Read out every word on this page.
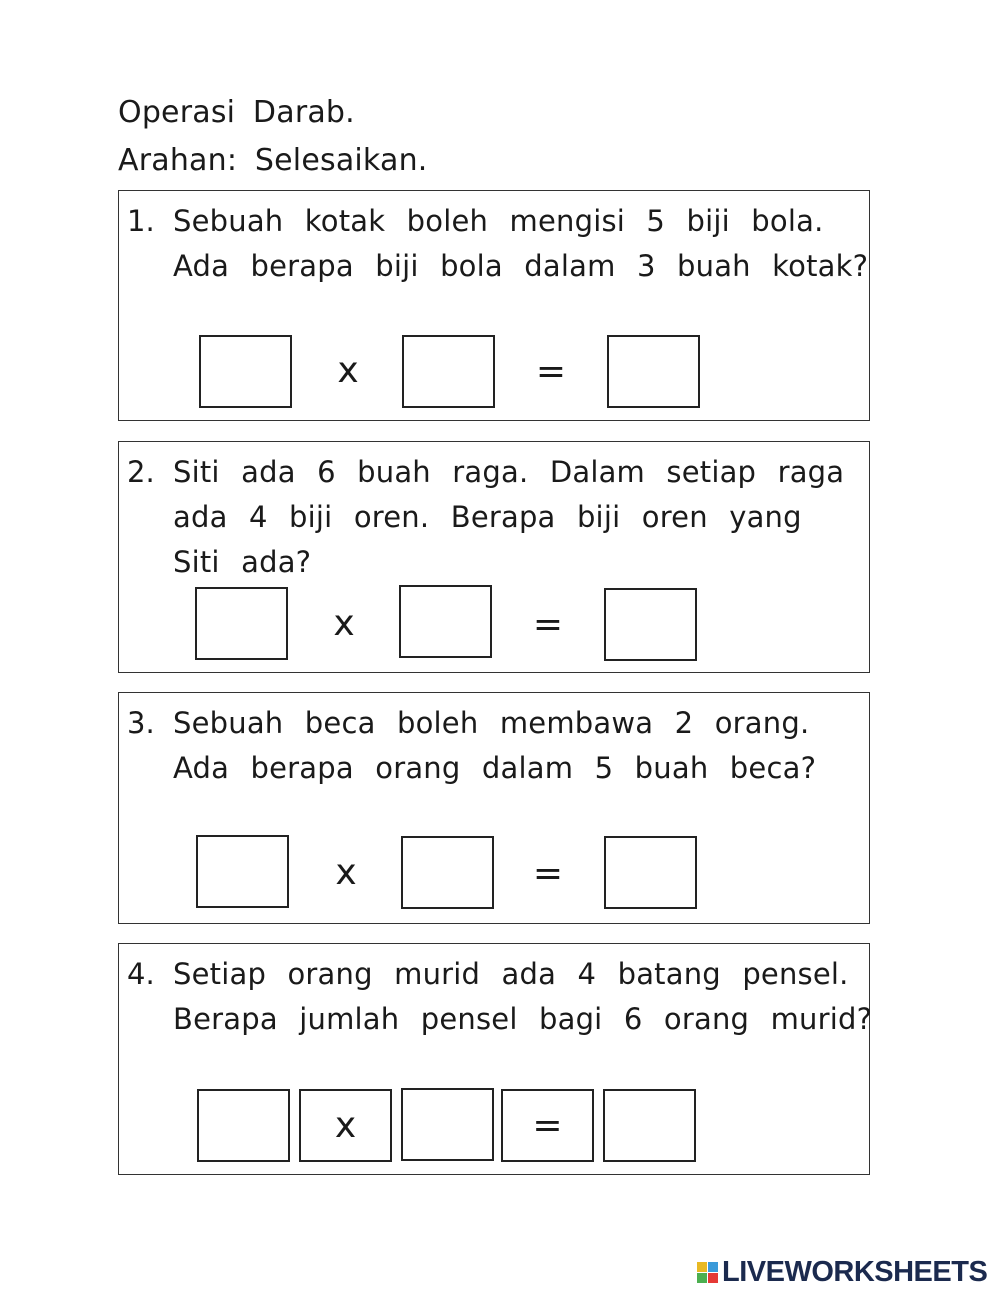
Operasi Darab.
Arahan: Selesaikan.
1. Sebuah kotak boleh mengisi 5 biji bola.
Ada berapa biji bola dalam 3 buah kotak?
x	=
2. Siti ada 6 buah raga. Dalam setiap raga
ada 4 biji oren. Berapa biji oren yang
Siti ada?
x	=
3. Sebuah beca boleh membawa 2 orang.
Ada berapa orang dalam 5 buah beca?
x	=
4. Setiap orang murid ada 4 batang pensel.
Berapa jumlah pensel bagi 6 orang murid?
x	=
LIVEWORKSHEETS
